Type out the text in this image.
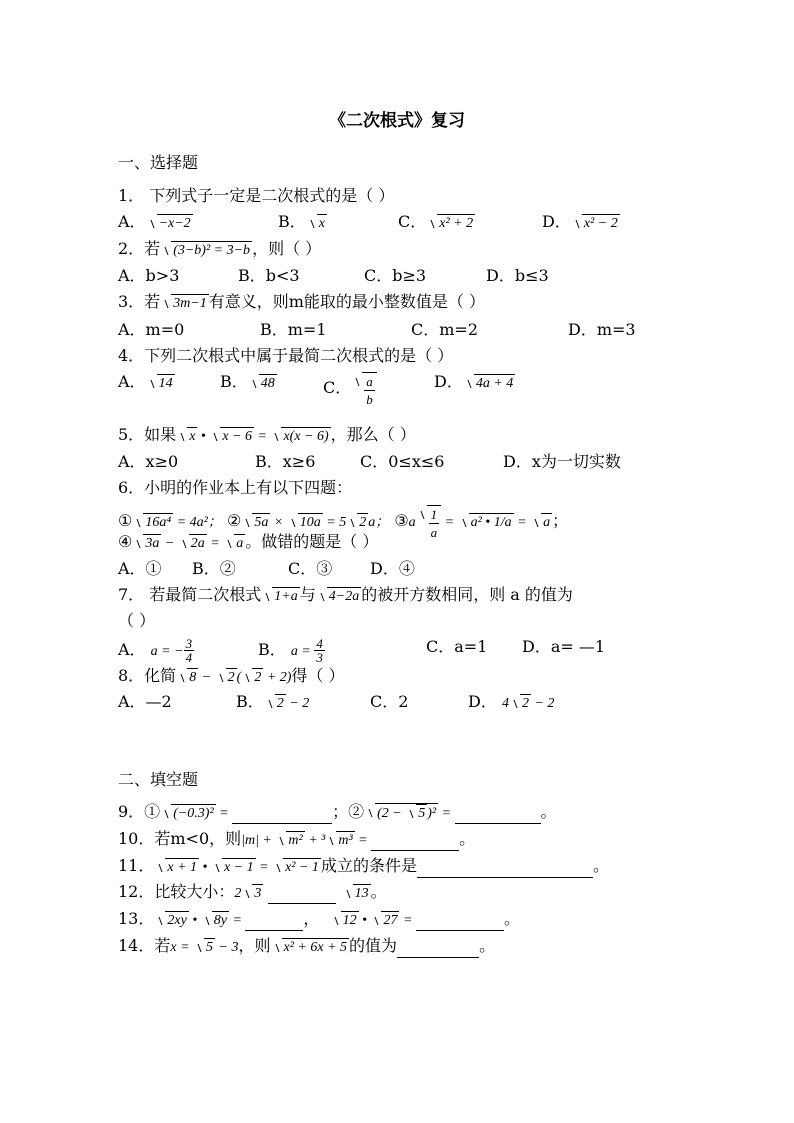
《二次根式》复习
一、选择题
1． 下列式子一定是二次根式的是（ ）
A． −x−2	B． x	C． x² + 2	D． x² − 2
2．若 (3−b)² = 3−b ，则（ ）
A．b>3	B．b<3	C．b≥3	D．b≤3
3．若 3m−1 有意义，则m能取的最小整数值是（ ）
A．m=0	B．m=1	C．m=2	D．m=3
4．下列二次根式中属于最简二次根式的是（ ）
A． 14	B． 48	C． $\frac{a}{b}$	D． 4a + 4
5．如果 x • x − 6 = x(x − 6) ，那么（ ）
A．x≥0	B．x≥6	C．0≤x≤6	D．x为一切实数
6．小明的作业本上有以下四题：
① 16a⁴ = 4a²； ② 5a × 10a = 5 2 a； ③a $\frac{1}{a} = a^2$ • 1/a = a ；
④ 3a − 2a = a 。做错的题是（ ）
A．① B．②	C．③ D．④
7． 若最简二次根式 1+a 与 4−2a 的被开方数相同，则 a 的值为
（ ）
A． a = − $\frac{3}{4}$	B． $a = \frac{4}{3}$	C．a=1 D．a= —1
8．化简 8 − 2 ( 2 + 2)得（ ）
A．—2	B． 2 − 2	C．2	D． 4 2 − 2
二、填空题
9．① (−0.3)² =	；② (2 − 5 )² =	。
10．若m<0，则|m| + m² + ³ m³ =	。
11． x + 1 • x − 1 = x² − 1 成立的条件是	。
12．比较大小：2 3	13 。
13． 2xy • 8y =	， 12 • 27 =	。
14．若x = 5 − 3，则 x² + 6x + 5 的值为	。
